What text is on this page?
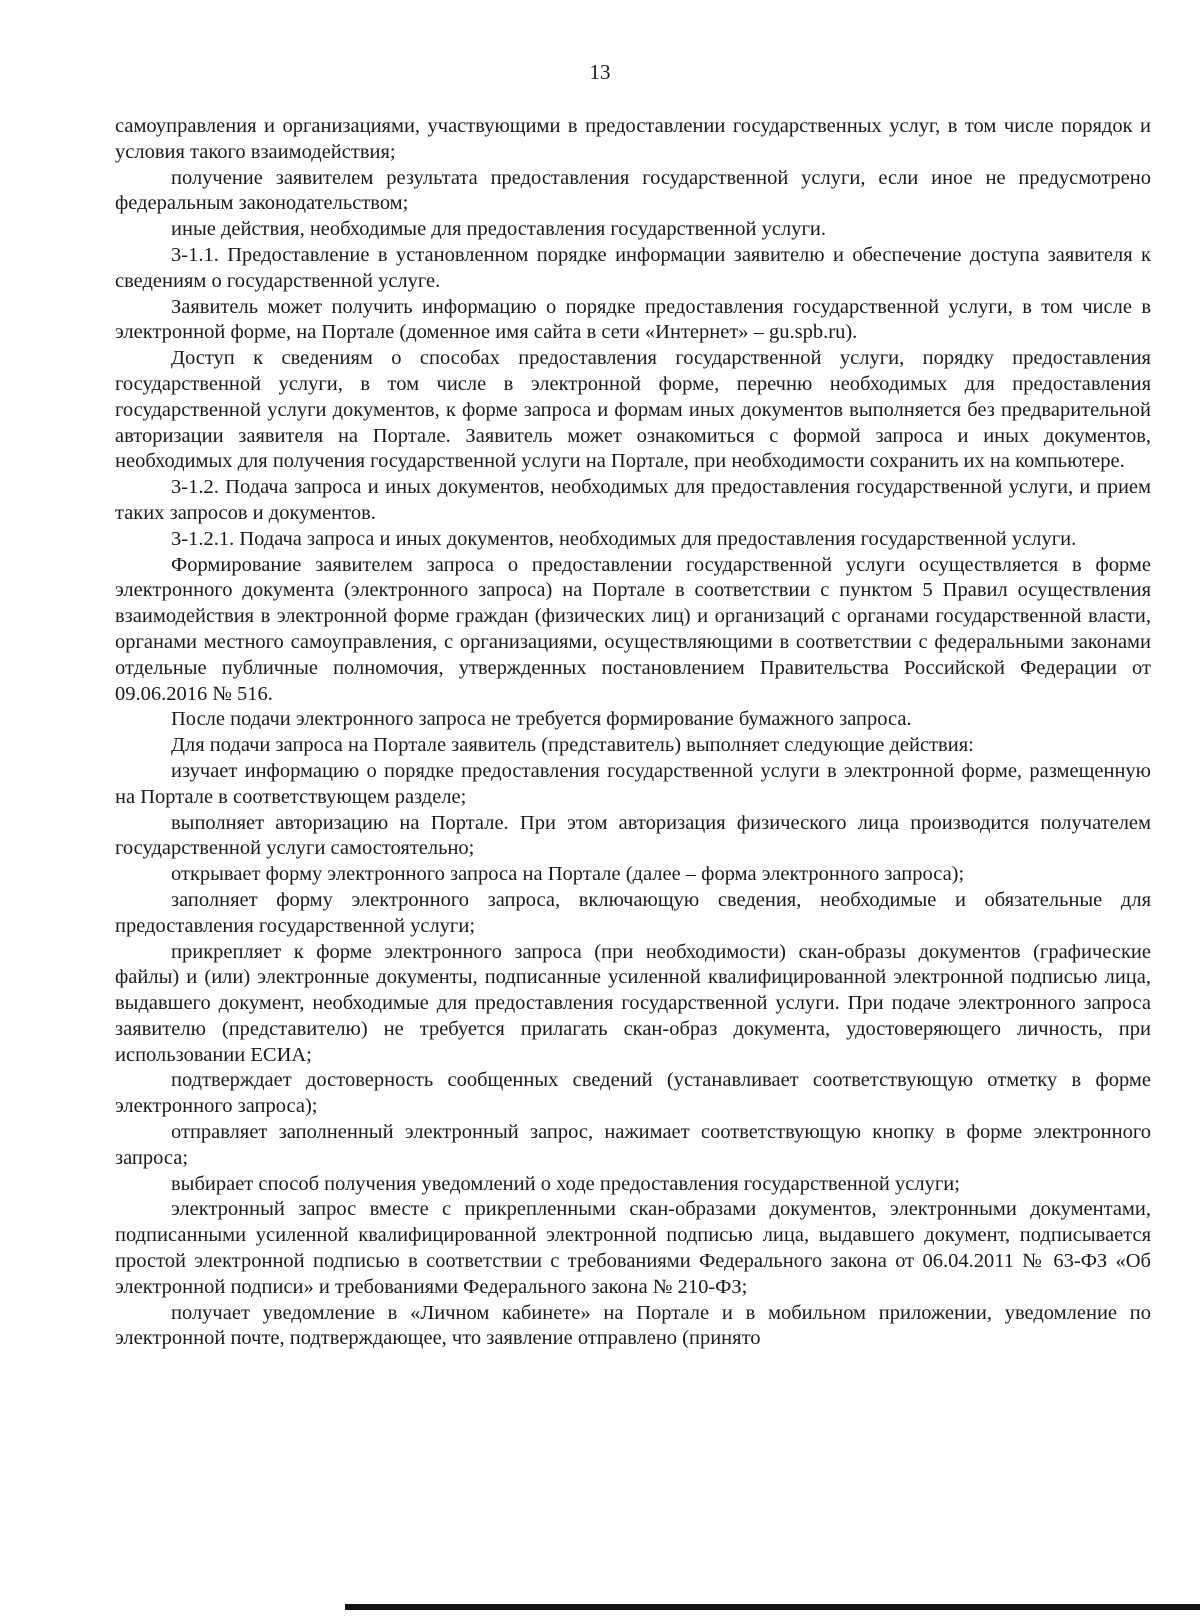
13

самоуправления и организациями, участвующими в предоставлении государственных услуг, в том числе порядок и условия такого взаимодействия;

получение заявителем результата предоставления государственной услуги, если иное не предусмотрено федеральным законодательством;

иные действия, необходимые для предоставления государственной услуги.

3-1.1. Предоставление в установленном порядке информации заявителю и обеспечение доступа заявителя к сведениям о государственной услуге.

Заявитель может получить информацию о порядке предоставления государственной услуги, в том числе в электронной форме, на Портале (доменное имя сайта в сети «Интернет» – gu.spb.ru).

Доступ к сведениям о способах предоставления государственной услуги, порядку предоставления государственной услуги, в том числе в электронной форме, перечню необходимых для предоставления государственной услуги документов, к форме запроса и формам иных документов выполняется без предварительной авторизации заявителя на Портале. Заявитель может ознакомиться с формой запроса и иных документов, необходимых для получения государственной услуги на Портале, при необходимости сохранить их на компьютере.

3-1.2. Подача запроса и иных документов, необходимых для предоставления государственной услуги, и прием таких запросов и документов.

3-1.2.1. Подача запроса и иных документов, необходимых для предоставления государственной услуги.

Формирование заявителем запроса о предоставлении государственной услуги осуществляется в форме электронного документа (электронного запроса) на Портале в соответствии с пунктом 5 Правил осуществления взаимодействия в электронной форме граждан (физических лиц) и организаций с органами государственной власти, органами местного самоуправления, с организациями, осуществляющими в соответствии с федеральными законами отдельные публичные полномочия, утвержденных постановлением Правительства Российской Федерации от 09.06.2016 № 516.

После подачи электронного запроса не требуется формирование бумажного запроса.

Для подачи запроса на Портале заявитель (представитель) выполняет следующие действия:

изучает информацию о порядке предоставления государственной услуги в электронной форме, размещенную на Портале в соответствующем разделе;

выполняет авторизацию на Портале. При этом авторизация физического лица производится получателем государственной услуги самостоятельно;

открывает форму электронного запроса на Портале (далее – форма электронного запроса);

заполняет форму электронного запроса, включающую сведения, необходимые и обязательные для предоставления государственной услуги;

прикрепляет к форме электронного запроса (при необходимости) скан-образы документов (графические файлы) и (или) электронные документы, подписанные усиленной квалифицированной электронной подписью лица, выдавшего документ, необходимые для предоставления государственной услуги. При подаче электронного запроса заявителю (представителю) не требуется прилагать скан-образ документа, удостоверяющего личность, при использовании ЕСИА;

подтверждает достоверность сообщенных сведений (устанавливает соответствующую отметку в форме электронного запроса);

отправляет заполненный электронный запрос, нажимает соответствующую кнопку в форме электронного запроса;

выбирает способ получения уведомлений о ходе предоставления государственной услуги;

электронный запрос вместе с прикрепленными скан-образами документов, электронными документами, подписанными усиленной квалифицированной электронной подписью лица, выдавшего документ, подписывается простой электронной подписью в соответствии с требованиями Федерального закона от 06.04.2011 № 63-ФЗ «Об электронной подписи» и требованиями Федерального закона № 210-ФЗ;

получает уведомление в «Личном кабинете» на Портале и в мобильном приложении, уведомление по электронной почте, подтверждающее, что заявление отправлено (принято
